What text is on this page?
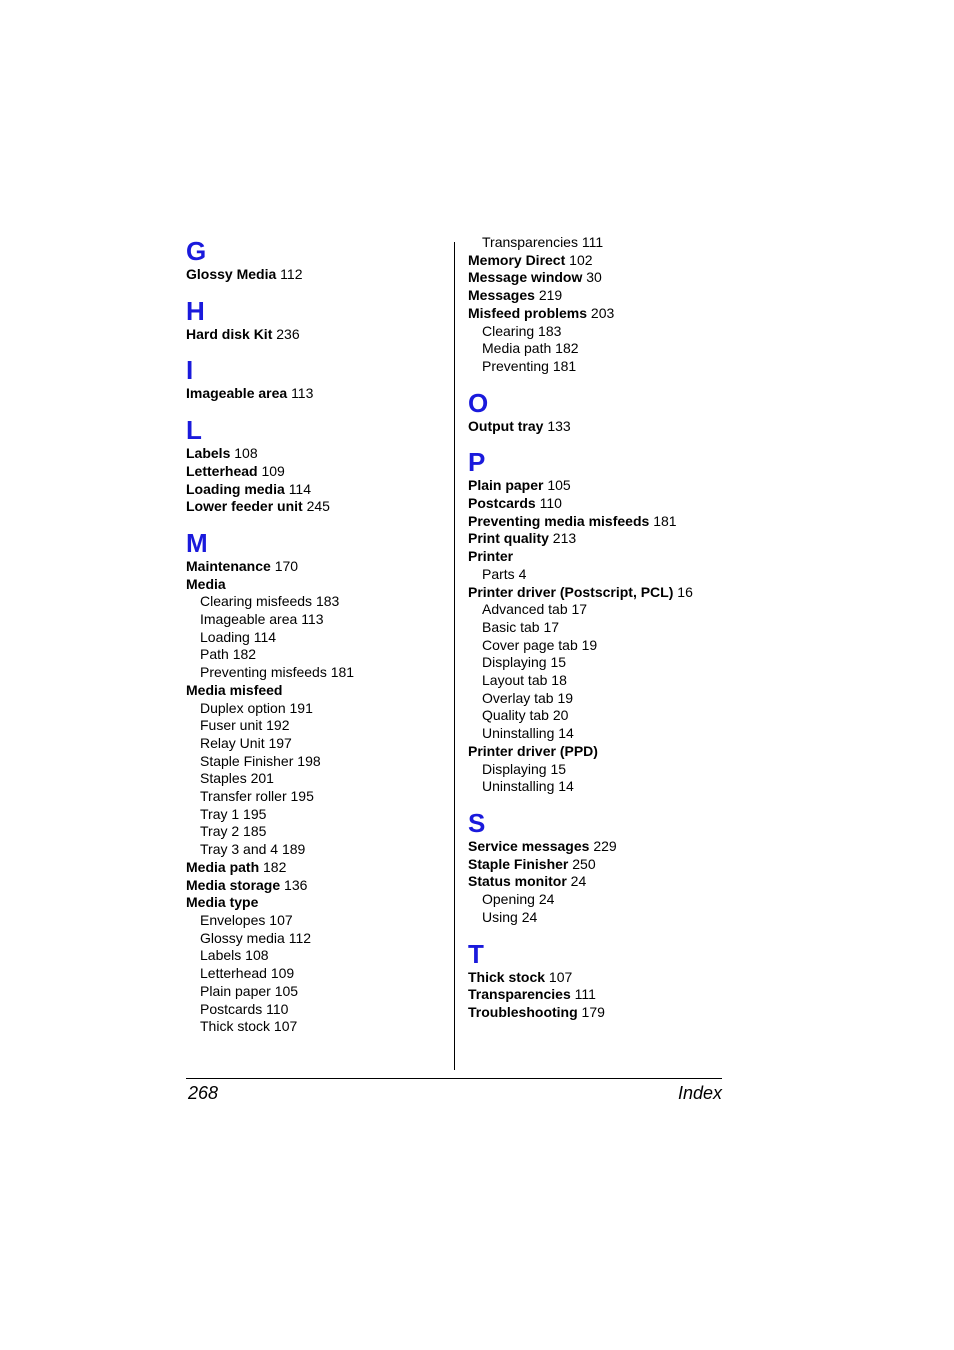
G
Glossy Media 112
H
Hard disk Kit 236
I
Imageable area 113
L
Labels 108
Letterhead 109
Loading media 114
Lower feeder unit 245
M
Maintenance 170
Media
Clearing misfeeds 183
Imageable area 113
Loading 114
Path 182
Preventing misfeeds 181
Media misfeed
Duplex option 191
Fuser unit 192
Relay Unit 197
Staple Finisher 198
Staples 201
Transfer roller 195
Tray 1 195
Tray 2 185
Tray 3 and 4 189
Media path 182
Media storage 136
Media type
Envelopes 107
Glossy media 112
Labels 108
Letterhead 109
Plain paper 105
Postcards 110
Thick stock 107
Transparencies 111
Memory Direct 102
Message window 30
Messages 219
Misfeed problems 203
Clearing 183
Media path 182
Preventing 181
O
Output tray 133
P
Plain paper 105
Postcards 110
Preventing media misfeeds 181
Print quality 213
Printer
Parts 4
Printer driver (Postscript, PCL) 16
Advanced tab 17
Basic tab 17
Cover page tab 19
Displaying 15
Layout tab 18
Overlay tab 19
Quality tab 20
Uninstalling 14
Printer driver (PPD)
Displaying 15
Uninstalling 14
S
Service messages 229
Staple Finisher 250
Status monitor 24
Opening 24
Using 24
T
Thick stock 107
Transparencies 111
Troubleshooting 179
268	Index
